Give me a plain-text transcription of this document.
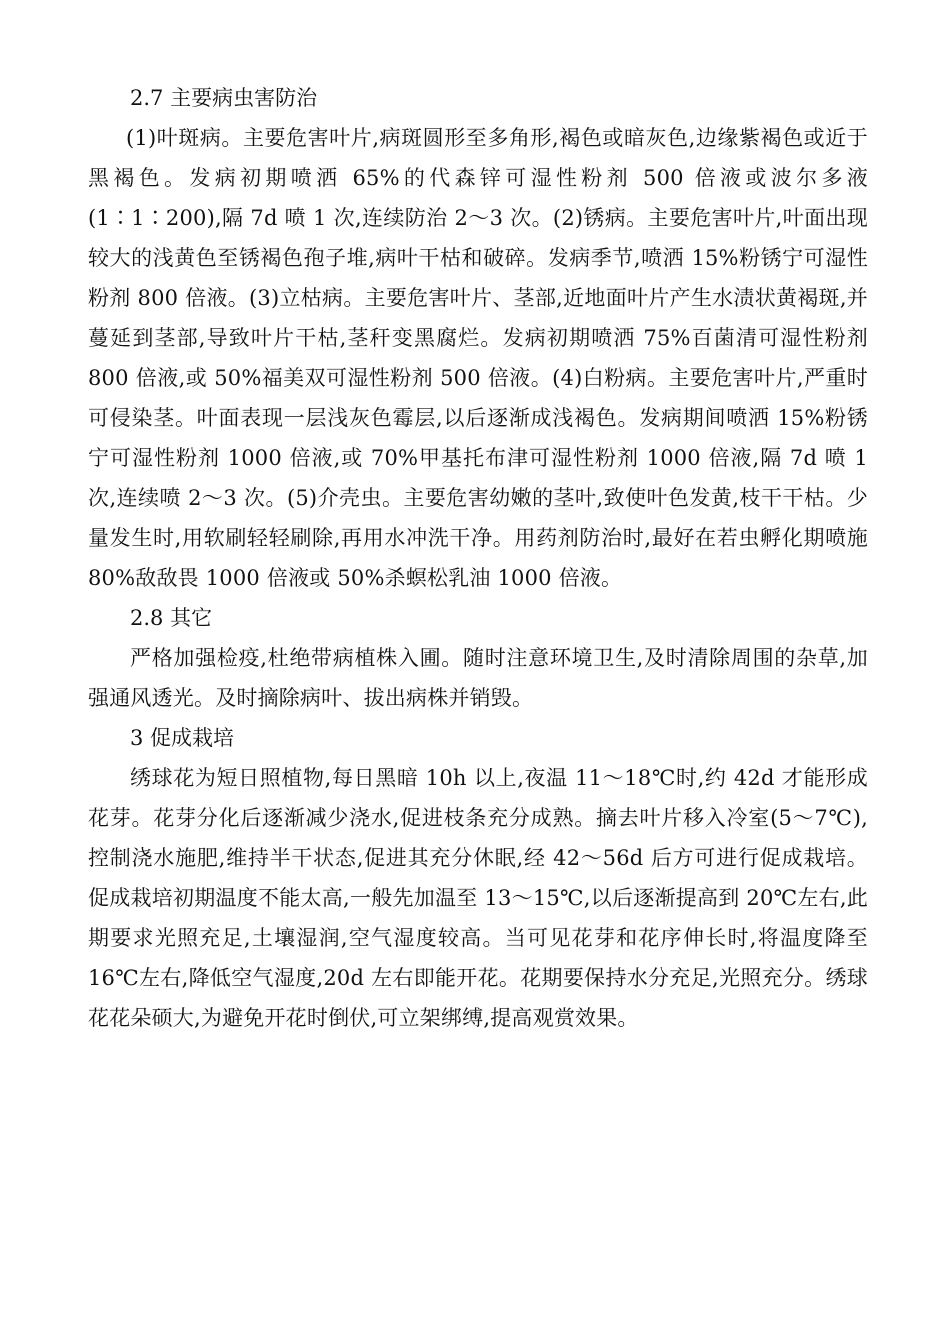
2.7 主要病虫害防治

(1)叶斑病。主要危害叶片,病斑圆形至多角形,褐色或暗灰色,边缘紫褐色或近于黑褐色。发病初期喷洒 65%的代森锌可湿性粉剂 500 倍液或波尔多液(1∶1∶200),隔 7d 喷 1 次,连续防治 2～3 次。(2)锈病。主要危害叶片,叶面出现较大的浅黄色至锈褐色孢子堆,病叶干枯和破碎。发病季节,喷洒 15%粉锈宁可湿性粉剂 800 倍液。(3)立枯病。主要危害叶片、茎部,近地面叶片产生水渍状黄褐斑,并蔓延到茎部,导致叶片干枯,茎秆变黑腐烂。发病初期喷洒 75%百菌清可湿性粉剂 800 倍液,或 50%福美双可湿性粉剂 500 倍液。(4)白粉病。主要危害叶片,严重时可侵染茎。叶面表现一层浅灰色霉层,以后逐渐成浅褐色。发病期间喷洒 15%粉锈宁可湿性粉剂 1000 倍液,或 70%甲基托布津可湿性粉剂 1000 倍液,隔 7d 喷 1 次,连续喷 2～3 次。(5)介壳虫。主要危害幼嫩的茎叶,致使叶色发黄,枝干干枯。少量发生时,用软刷轻轻刷除,再用水冲洗干净。用药剂防治时,最好在若虫孵化期喷施 80%敌敌畏 1000 倍液或 50%杀螟松乳油 1000 倍液。

2.8 其它

严格加强检疫,杜绝带病植株入圃。随时注意环境卫生,及时清除周围的杂草,加强通风透光。及时摘除病叶、拔出病株并销毁。

3 促成栽培

绣球花为短日照植物,每日黑暗 10h 以上,夜温 11～18℃时,约 42d 才能形成花芽。花芽分化后逐渐减少浇水,促进枝条充分成熟。摘去叶片移入冷室(5～7℃),控制浇水施肥,维持半干状态,促进其充分休眠,经 42～56d 后方可进行促成栽培。促成栽培初期温度不能太高,一般先加温至 13～15℃,以后逐渐提高到 20℃左右,此期要求光照充足,土壤湿润,空气湿度较高。当可见花芽和花序伸长时,将温度降至 16℃左右,降低空气湿度,20d 左右即能开花。花期要保持水分充足,光照充分。绣球花花朵硕大,为避免开花时倒伏,可立架绑缚,提高观赏效果。
